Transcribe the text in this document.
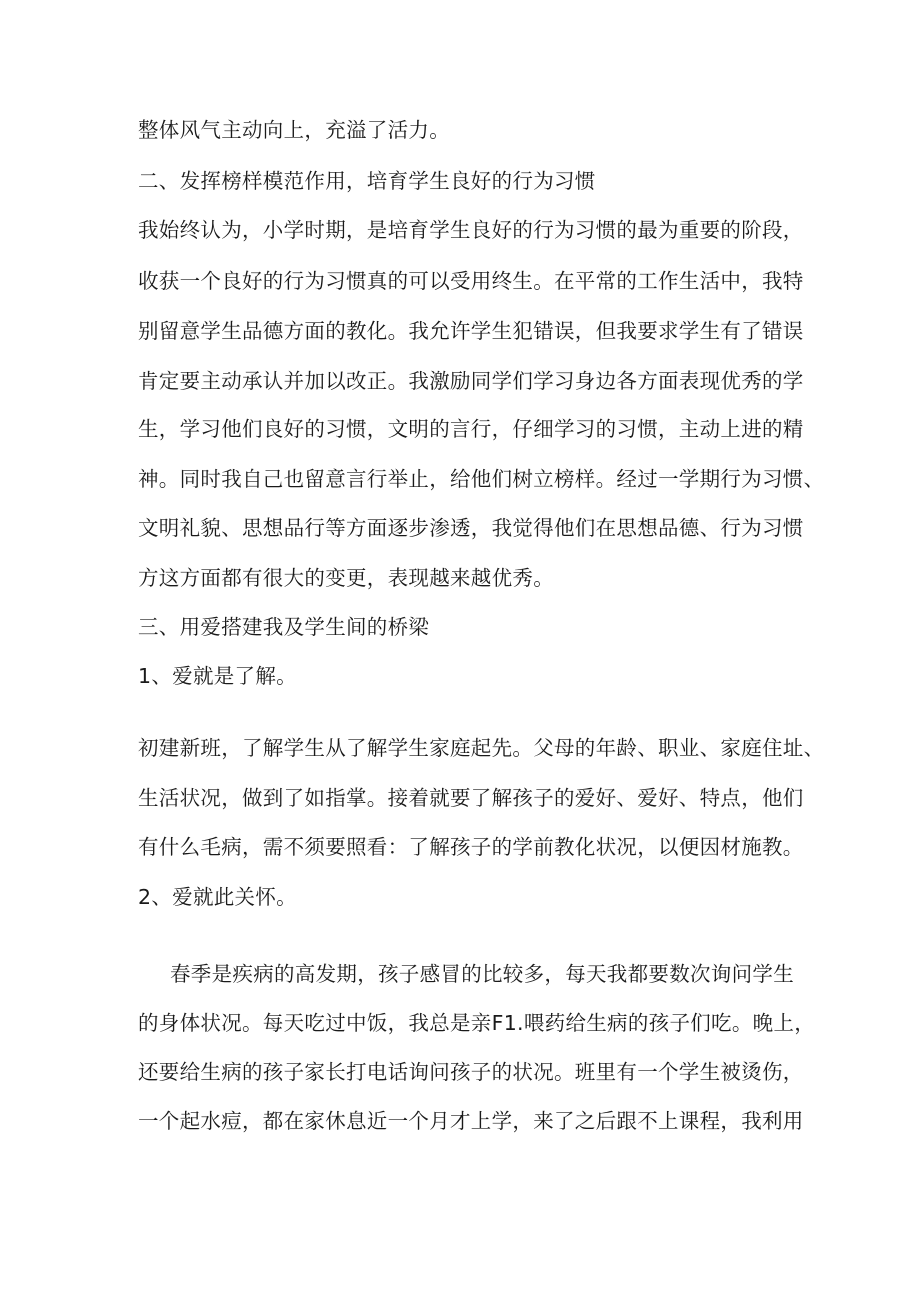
整体风气主动向上，充溢了活力。
二、发挥榜样模范作用，培育学生良好的行为习惯
我始终认为，小学时期，是培育学生良好的行为习惯的最为重要的阶段，
收获一个良好的行为习惯真的可以受用终生。在平常的工作生活中，我特
别留意学生品德方面的教化。我允许学生犯错误，但我要求学生有了错误
肯定要主动承认并加以改正。我激励同学们学习身边各方面表现优秀的学
生，学习他们良好的习惯，文明的言行，仔细学习的习惯，主动上进的精
神。同时我自己也留意言行举止，给他们树立榜样。经过一学期行为习惯、
文明礼貌、思想品行等方面逐步渗透，我觉得他们在思想品德、行为习惯
方这方面都有很大的变更，表现越来越优秀。
三、用爱搭建我及学生间的桥梁
1、爱就是了解。
初建新班，了解学生从了解学生家庭起先。父母的年龄、职业、家庭住址、
生活状况，做到了如指掌。接着就要了解孩子的爱好、爱好、特点，他们
有什么毛病，需不须要照看：了解孩子的学前教化状况，以便因材施教。
2、爱就此关怀。
春季是疾病的高发期，孩子感冒的比较多，每天我都要数次询问学生
的身体状况。每天吃过中饭，我总是亲F1.喂药给生病的孩子们吃。晚上，
还要给生病的孩子家长打电话询问孩子的状况。班里有一个学生被烫伤，
一个起水痘，都在家休息近一个月才上学，来了之后跟不上课程，我利用
